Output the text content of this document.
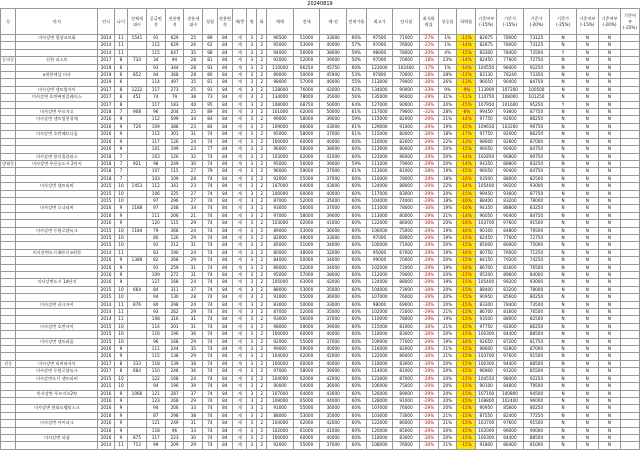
20240819
동	단지	연식	나이	전체세대수	공급면적	전용면적	전용세대수	경험	전용면적	게/층	방	화	매매	전세	매-전	전세가율	최고가	전저점	최저하락률	상승률	하락률	기준여부(-15%)	기준가(-15%)	기준가(-20%)	기준가(-25%)	기준여부(-15%)	기준여부(-20%)	기준여부(-25%)
	미사강변 광장교트회	2014	11	1541	91	629	25	89	84	계	3	2	96500	51000	33000	66%	97500	71000	-27%	1%	-11%	82875	78000	73125	N	N	N	
		2014	11		112	629	26	62	84	계	3	2	95000	53000	40000	57%	97000	76000	-22%	1%	-14%	82875	78000	73125	N	N	N	
		2014	11		115	647	35	98	84	계	3	2	94000	56000	38000	59%	98000	78000	-20%	4%	-15%	83300	78400	73500	Y	N	N	
동미동	신한 퍼스트	2017	8	734	34	94	28	81	84	계	3	2	92000	52000	39000	50%	97000	70000	-18%	23%	-14%	82450	77600	72750	N	N	N	
		2019	6		93	344	28	93	84	계	3	2	110000	66250	45750	60%	123000	102400	-17%	1%	-10%	104550	98400	92250	N	N	N	
	e편한세상 미사	2019	6	852	94	368	28	80	84	계	3	2	89000	50000	45900	53%	97800	70000	-28%	28%	-11%	83130	78240	73350	N	N	N	
		2019	6		114	497	35	81	84	계	3	2	98000	57000	46000	55%	113000	79000	-30%	26%	-13%	96050	90400	84750	N	N	N	
	미사강변 센트럴자이	2017	8	1222	117	273	25	91	84	계	3	2	128000	76000	42000	62%	134000	90000	-33%	9%	-9%	113900	107200	100500	N	N	N	
	미사강변 호반써밋플레이스	2017	8	451	74	79	38	73	84	계	3	2	134000	78000	35000	56%	135000	96000	-29%	31%	-11%	114750	108000	101250	N	N	N	
		2017	8		117	183	40	95	84	계	3	2	108000	68750	50000	64%	127000	90000	-29%	20%	-15%	107950	101600	95250	Y	N	N	
	미사강변 푸르지오	2018	7	908	96	204	25	89	84	계	3	2	101000	62000	50000	61%	117000	79000	-32%	28%	-8%	99450	93600	87750	N	N	N	
	미사강변 센트럴풍경채	2016	9		112	599	34	84	84	계	3	2	99000	58000	39000	59%	115000	82000	-29%	21%	-14%	97750	92000	86250	N	N	N	
		2016	9	726	109	388	23	84	84	계	3	2	109000	66000	43000	61%	129000	91000	-29%	19%	-15%	109650	103200	96750	N	N	N	
	미사강변 호반베르디움	2016	9		112	301	31	74	84	계	3	2	95000	58000	37000	61%	115000	80000	-30%	18%	-17%	97750	92000	86250	N	N	N	
		2016	9		117	126	24	74	84	계	3	2	100000	60000	40000	60%	116000	82000	-29%	22%	-13%	98600	92800	87000	N	N	N	
		2016	9		101	199	23	77	84	계	3	2	96000	58000	38000	60%	113000	80000	-29%	20%	-15%	96050	90400	84750	N	N	N	
	미사강변 한신휴플러스	2018	7		103	126	32	74	84	계	3	2	103000	62000	41000	60%	121000	86000	-29%	20%	-14%	102850	96800	90750	N	N	N	
망월동	미사강변 푸른숲도시 2단지	2018	7	921	98	249	30	74	84	계	3	2	95000	56000	39000	59%	111000	79000	-29%	20%	-14%	94350	88800	83250	N	N	N	
		2018	7		107	115	27	79	84	계	3	2	96000	59000	37000	61%	113000	81000	-28%	19%	-15%	96050	90400	84750	N	N	N	
		2018	7		103	109	28	74	84	계	3	2	92000	55000	37000	60%	110000	78000	-29%	18%	-16%	93500	88000	82500	N	N	N	
	미사강변 센트리버	2015	10	1453	112	341	23	74	84	계	3	2	107000	64000	43000	60%	124000	88000	-29%	22%	-14%	105400	99200	93000	N	N	N	
		2015	10		106	225	27	74	84	계	3	2	100000	60000	40000	60%	117000	83000	-29%	20%	-15%	99450	93600	87750	N	N	N	
		2015	10		97	296	27	74	84	계	3	2	87000	52000	35000	60%	104000	74000	-29%	18%	-16%	88400	83200	78000	N	N	N	
	미사강변 루나리버	2016	9	1188	97	248	34	74	84	계	3	2	93000	56000	37000	60%	111000	78000	-30%	19%	-16%	94350	88800	83250	N	N	N	
		2016	9		111	206	21	74	84	계	3	2	97000	58000	39000	60%	113000	80000	-29%	21%	-14%	96050	90400	84750	N	N	N	
		2016	9		120	115	29	74	84	계	3	2	103000	62000	41000	60%	122000	86000	-30%	20%	-16%	103700	97600	91500	N	N	N	
	미사강변 동원로얄듀크	2015	10	1184	79	368	24	74	84	계	3	2	89000	53000	36000	60%	106000	75000	-29%	19%	-16%	90100	84800	79500	N	N	N	
		2015	10		80	126	29	74	84	계	3	2	82000	49000	33000	60%	97000	69000	-29%	19%	-15%	82450	77600	72750	N	N	N	
		2015	10		91	212	31	74	84	계	3	2	85000	51000	34000	60%	100000	71000	-29%	20%	-15%	85000	80000	75000	N	N	N	
	미사강변도시 8단지 e편한	2014	11		83	190	24	74	84	계	3	2	80000	48000	32000	60%	95000	67000	-29%	19%	-16%	80750	76000	71250	N	N	N	
		2016	9	1389	82	268	29	74	84	계	3	2	84000	50000	34000	60%	99000	70000	-29%	20%	-15%	84150	79200	74250	N	N	N	
		2016	9		91	259	31	74	84	계	3	2	86000	52000	34000	60%	102000	72000	-29%	19%	-16%	86700	81600	76500	N	N	N	
		2016	9		109	272	31	74	84	계	3	2	95000	57000	38000	60%	112000	79000	-29%	20%	-15%	95200	89600	84000	N	N	N	
	미사강변도시 14단지	2016	9		127	168	24	74	84	계	3	2	105000	63000	42000	60%	124000	88000	-29%	19%	-15%	105400	99200	93000	N	N	N	
		2015	10	664	84	311	37	74	84	계	3	2	88000	53000	35000	60%	104000	73000	-30%	20%	-15%	88400	83200	78000	N	N	N	
		2015	10		94	130	28	74	84	계	3	2	91000	55000	36000	60%	107000	76000	-29%	20%	-15%	90950	85600	80250	N	N	N	
	미사강변 파크자이	2014	11	876	80	298	24	74	84	계	3	2	83000	50000	33000	60%	98000	69000	-30%	20%	-15%	83300	78400	73500	N	N	N	
		2014	11		93	262	29	74	84	계	3	2	87000	52000	35000	60%	102000	72000	-29%	21%	-15%	86700	81600	76500	N	N	N	
		2014	11		108	316	31	74	84	계	3	2	93000	56000	37000	60%	110000	78000	-29%	19%	-15%	93500	88000	82500	N	N	N	
	미사강변 호반자이	2015	10		114	201	31	74	84	계	3	2	98000	59000	39000	60%	115000	81000	-30%	21%	-15%	97750	92000	86250	N	N	N	
		2015	10		116	196	36	74	84	계	3	2	100000	60000	40000	60%	118000	83000	-30%	20%	-15%	100300	94400	88500	N	N	N	
	미사강변 센트리움	2015	10		96	168	29	74	84	계	3	2	92000	55000	37000	60%	109000	77000	-29%	19%	-16%	92650	87200	81750	N	N	N	
		2016	9		111	244	35	74	84	계	3	2	99000	59000	40000	60%	116000	82000	-29%	21%	-15%	98600	92800	87000	N	N	N	
		2016	9		115	138	29	74	84	계	3	2	104000	62000	42000	60%	122000	86000	-30%	21%	-15%	103700	97600	91500	N	N	N	
선동	미사강변 리버뷰자이	2017	8	333	118	139	38	74	84	계	3	2	100000	60000	40000	60%	118000	83000	-30%	20%	-15%	100300	94400	88500	N	N	N	
	미사강변 동원로얄듀크	2017	8	684	110	248	36	74	84	계	3	2	97000	58000	39000	60%	114000	81000	-29%	20%	-15%	96900	91200	85500	N	N	N	
	미사강변도시 센트리버	2015	10		122	168	24	74	84	계	3	2	104000	62000	42000	60%	123000	87000	-29%	20%	-15%	104550	98400	92250	N	N	N	
		2015	10		94	196	39	74	84	계	3	2	90000	54000	36000	60%	106000	75000	-29%	20%	-15%	90100	84800	79500	N	N	N	
	미사강변 푸르지오2차	2016	9	1066	121	287	37	74	84	계	3	2	107000	64000	43000	60%	126000	89000	-29%	20%	-15%	107100	100800	94500	N	N	N	
		2016	9		123	268	29	74	84	계	3	2	109000	65000	44000	60%	128000	91000	-29%	20%	-15%	108800	102400	96000	N	N	N	
	미사강변 한화오벨리스크	2016	9		94	206	33	74	84	계	3	2	91000	55000	36000	60%	107000	76000	-29%	20%	-15%	90950	85600	80250	N	N	N	
		2016	9		87	298	38	74	84	계	3	2	88000	53000	35000	60%	103000	73000	-29%	21%	-15%	87550	82400	77250	N	N	N	
	미사강변 아이파크	2016	9		121	249	31	74	84	계	3	2	104000	62000	42000	60%	122000	86000	-30%	21%	-15%	103700	97600	91500	N	N	N	
		2016	9		118	96	33	74	84	계	3	2	102000	61000	41000	60%	120000	85000	-29%	20%	-15%	102000	96000	90000	N	N	N	
	미사강변 더샵	2016	9	875	117	223	30	74	84	계	3	2	100000	60000	40000	60%	118000	83000	-30%	20%	-15%	100300	94400	88500	N	N	N	
		2014	11	712	99	209	29	74	84	계	3	2	92000	55000	37000	60%	108000	76000	-30%	21%	-15%	91800	86400	81000	N	N	N	
